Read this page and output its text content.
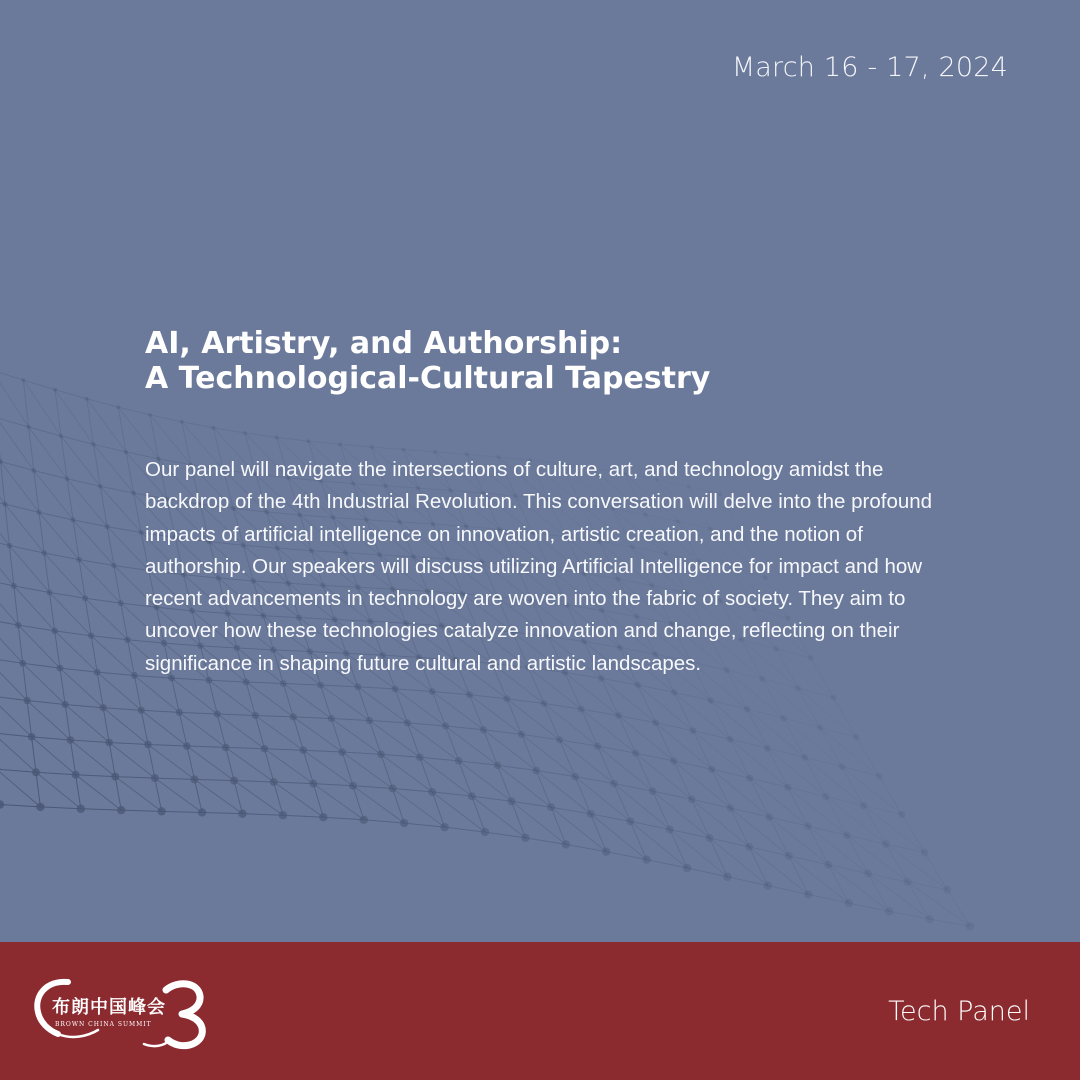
March 16 - 17, 2024
AI, Artistry, and Authorship:
A Technological-Cultural Tapestry
Our panel will navigate the intersections of culture, art, and technology amidst the backdrop of the 4th Industrial Revolution. This conversation will delve into the profound impacts of artificial intelligence on innovation, artistic creation, and the notion of authorship. Our speakers will discuss utilizing Artificial Intelligence for impact and how recent advancements in technology are woven into the fabric of society. They aim to uncover how these technologies catalyze innovation and change, reflecting on their significance in shaping future cultural and artistic landscapes.
布朗中国峰会
BROWN CHINA SUMMIT	Tech Panel
